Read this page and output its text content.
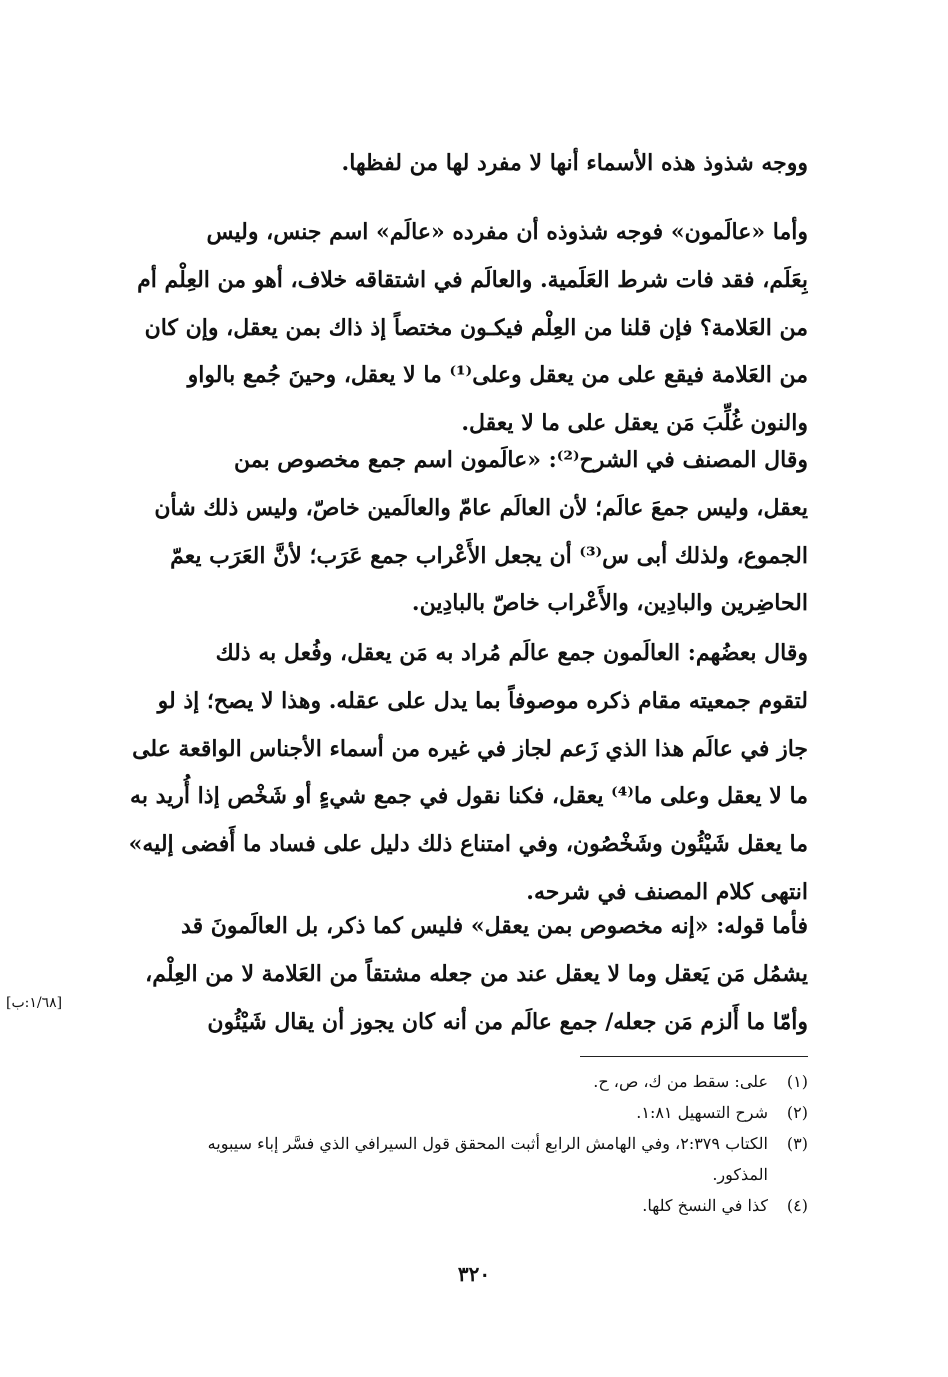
ووجه شذوذ هذه الأسماء أنها لا مفرد لها من لفظها.
وأما «عالَمون» فوجه شذوذه أن مفرده «عالَم» اسم جنس، وليس
بِعَلَم، فقد فات شرط العَلَمية. والعالَم في اشتقاقه خلاف، أهو من العِلْم أم
من العَلامة؟ فإن قلنا من العِلْم فيكـون مختصاً إذ ذاك بمن يعقل، وإن كان
من العَلامة فيقع على من يعقل وعلى⁽¹⁾ ما لا يعقل، وحينَ جُمع بالواو
والنون غُلِّبَ مَن يعقل على ما لا يعقل.
وقال المصنف في الشرح⁽²⁾: «عالَمون اسم جمع مخصوص بمن
يعقل، وليس جمعَ عالَم؛ لأن العالَم عامّ والعالَمين خاصّ، وليس ذلك شأن
الجموع، ولذلك أبى س⁽³⁾ أن يجعل الأَعْراب جمع عَرَب؛ لأنَّ العَرَب يعمّ
الحاضِرين والبادِين، والأَعْراب خاصّ بالبادِين.
وقال بعضُهم: العالَمون جمع عالَم مُراد به مَن يعقل، وفُعل به ذلك
لتقوم جمعيته مقام ذكره موصوفاً بما يدل على عقله. وهذا لا يصح؛ إذ لو
جاز في عالَم هذا الذي زَعم لجاز في غيره من أسماء الأجناس الواقعة على
ما لا يعقل وعلى ما⁽⁴⁾ يعقل، فكنا نقول في جمع شيءٍ أو شَخْص إذا أُريد به
ما يعقل شَيْئُون وشَخْصُون، وفي امتناع ذلك دليل على فساد ما أَفضى إليه»
انتهى كلام المصنف في شرحه.
فأما قوله: «إنه مخصوص بمن يعقل» فليس كما ذكر، بل العالَمونَ قد
يشمُل مَن يَعقل وما لا يعقل عند من جعله مشتقاً من العَلامة لا من العِلْم،
وأمّا ما أَلزم مَن جعله/ جمع عالَم من أنه كان يجوز أن يقال شَيْئُون
[١/٦٨:ب]
(١)على: سقط من ك، ص، ح.
(٢)شرح التسهيل ١:٨١.
(٣)الكتاب ٢:٣٧٩، وفي الهامش الرابع أثبت المحقق قول السيرافي الذي فسَّر إباء سيبويه
المذكور.
(٤)كذا في النسخ كلها.
٣٢٠
